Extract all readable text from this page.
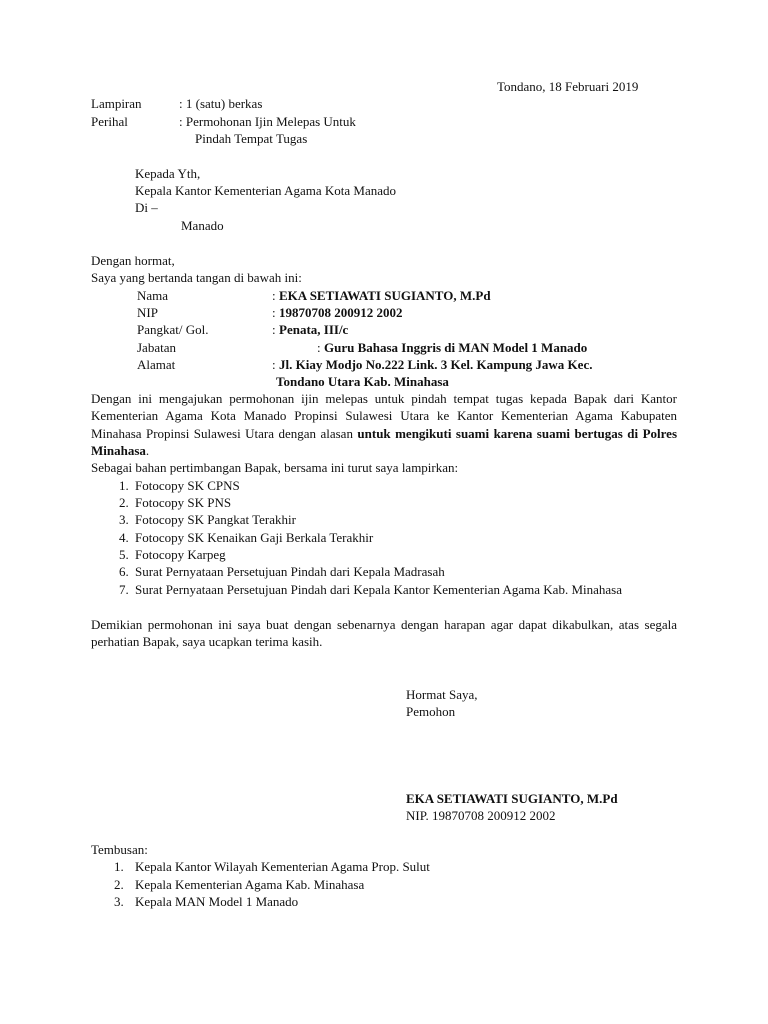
Tondano, 18 Februari 2019
Lampiran	: 1 (satu) berkas
Perihal	: Permohonan Ijin Melepas Untuk
Pindah Tempat Tugas
Kepada Yth,
Kepala Kantor Kementerian Agama Kota Manado
Di –
Manado
Dengan hormat,
Saya yang bertanda tangan di bawah ini:
Nama	: EKA SETIAWATI SUGIANTO, M.Pd
NIP	: 19870708 200912 2002
Pangkat/ Gol.	: Penata, III/c
Jabatan	: Guru Bahasa Inggris di MAN Model 1 Manado
Alamat	: Jl. Kiay Modjo No.222 Link. 3 Kel. Kampung Jawa Kec.
Tondano Utara Kab. Minahasa
Dengan ini mengajukan permohonan ijin melepas untuk pindah tempat tugas kepada Bapak dari Kantor Kementerian Agama Kota Manado Propinsi Sulawesi Utara ke Kantor Kementerian Agama Kabupaten Minahasa Propinsi Sulawesi Utara dengan alasan untuk mengikuti suami karena suami bertugas di Polres Minahasa.
Sebagai bahan pertimbangan Bapak, bersama ini turut saya lampirkan:
1. Fotocopy SK CPNS
2. Fotocopy SK PNS
3. Fotocopy SK Pangkat Terakhir
4. Fotocopy SK Kenaikan Gaji Berkala Terakhir
5. Fotocopy Karpeg
6. Surat Pernyataan Persetujuan Pindah dari Kepala Madrasah
7. Surat Pernyataan Persetujuan Pindah dari Kepala Kantor Kementerian Agama Kab. Minahasa
Demikian permohonan ini saya buat dengan sebenarnya dengan harapan agar dapat dikabulkan, atas segala perhatian Bapak, saya ucapkan terima kasih.
Hormat Saya,
Pemohon
EKA SETIAWATI SUGIANTO, M.Pd
NIP. 19870708 200912 2002
Tembusan:
1. Kepala Kantor Wilayah Kementerian Agama Prop. Sulut
2. Kepala Kementerian Agama Kab. Minahasa
3. Kepala MAN Model 1 Manado
